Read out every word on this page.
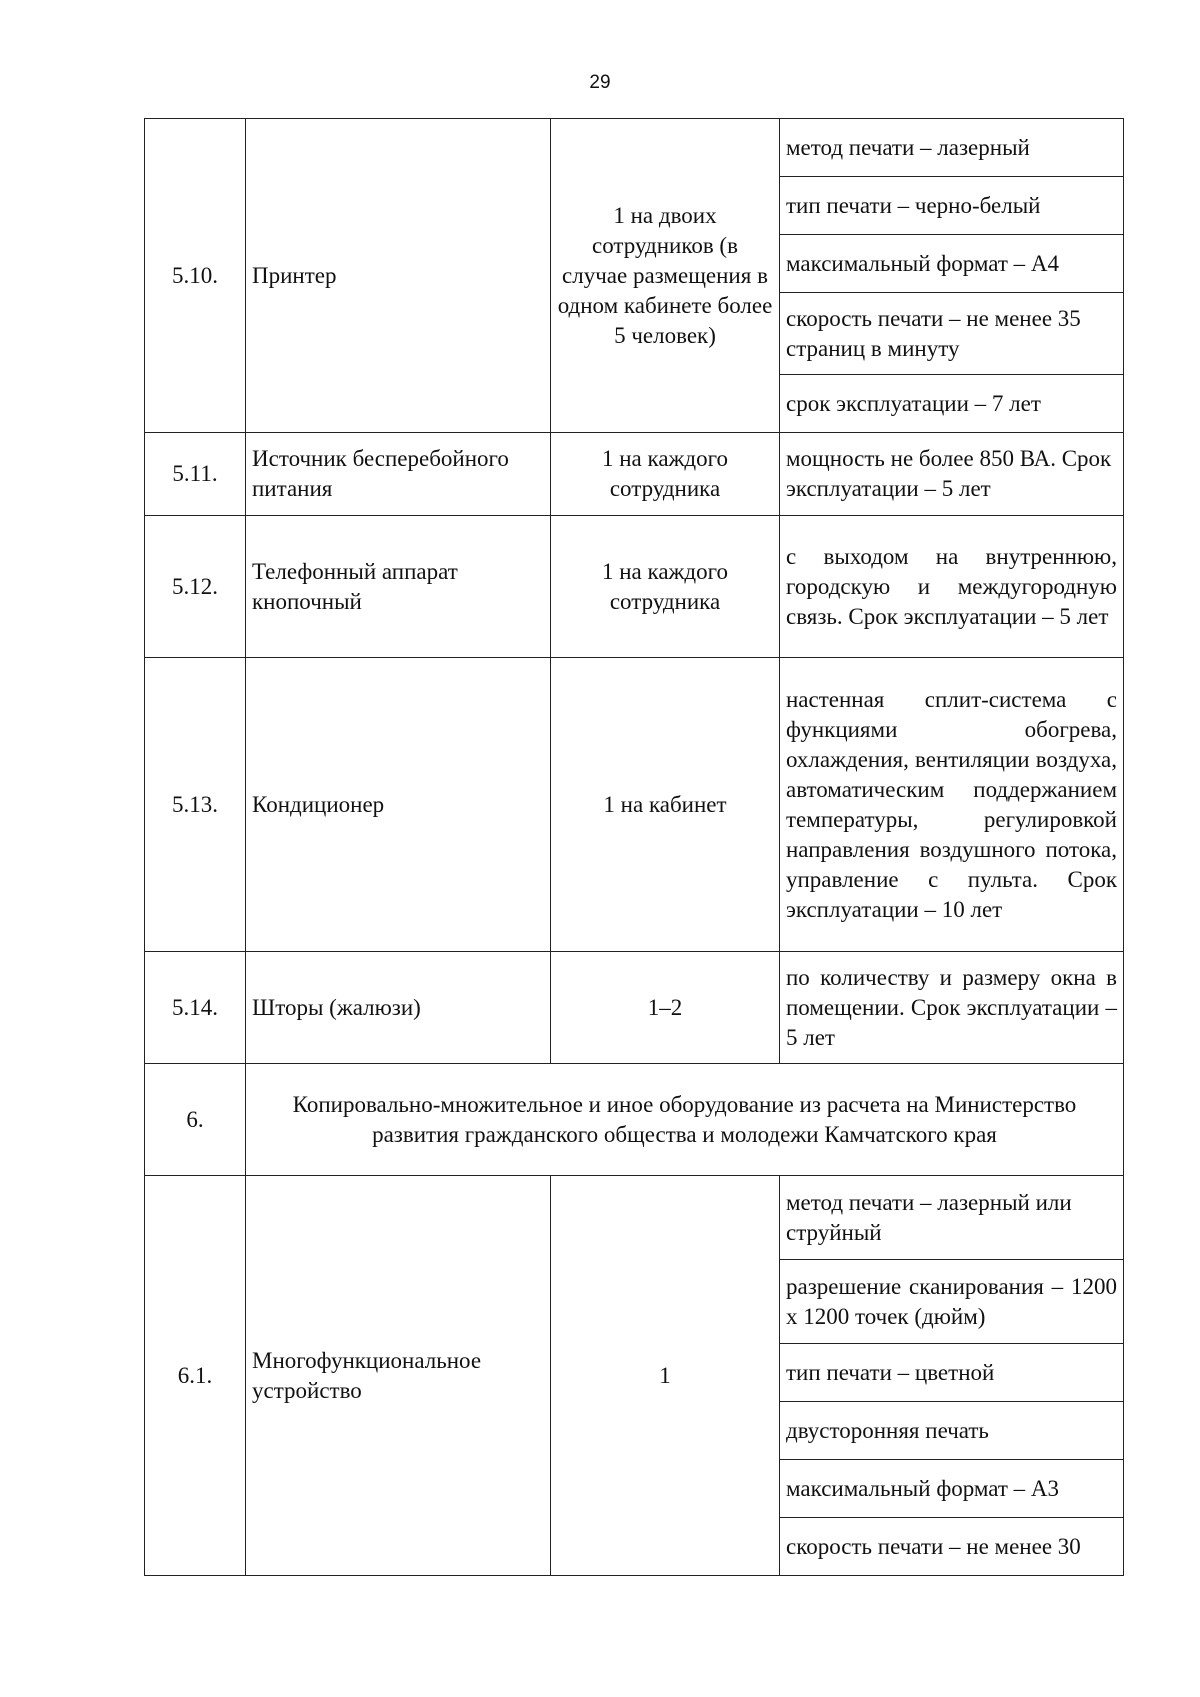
29
5.10.	Принтер	1 на двоих сотрудников (в случае размещения в одном кабинете более 5 человек)	метод печати – лазерный
			тип печати – черно-белый
			максимальный формат – А4
			скорость печати – не менее 35 страниц в минуту
			срок эксплуатации – 7 лет
5.11.	Источник бесперебойного питания	1 на каждого сотрудника	мощность не более 850 ВА. Срок эксплуатации – 5 лет
5.12.	Телефонный аппарат кнопочный	1 на каждого сотрудника	с выходом на внутреннюю, городскую и междугородную связь. Срок эксплуатации – 5 лет
5.13.	Кондиционер	1 на кабинет	настенная сплит-система с функциями обогрева, охлаждения, вентиляции воздуха, автоматическим поддержанием температуры, регулировкой направления воздушного потока, управление с пульта. Срок эксплуатации – 10 лет
5.14.	Шторы (жалюзи)	1–2	по количеству и размеру окна в помещении. Срок эксплуатации – 5 лет
6.	Копировально-множительное и иное оборудование из расчета на Министерство развития гражданского общества и молодежи Камчатского края		
6.1.	Многофункциональное устройство	1	метод печати – лазерный или струйный
			разрешение сканирования – 1200 х 1200 точек (дюйм)
			тип печати – цветной
			двусторонняя печать
			максимальный формат – А3
			скорость печати – не менее 30
